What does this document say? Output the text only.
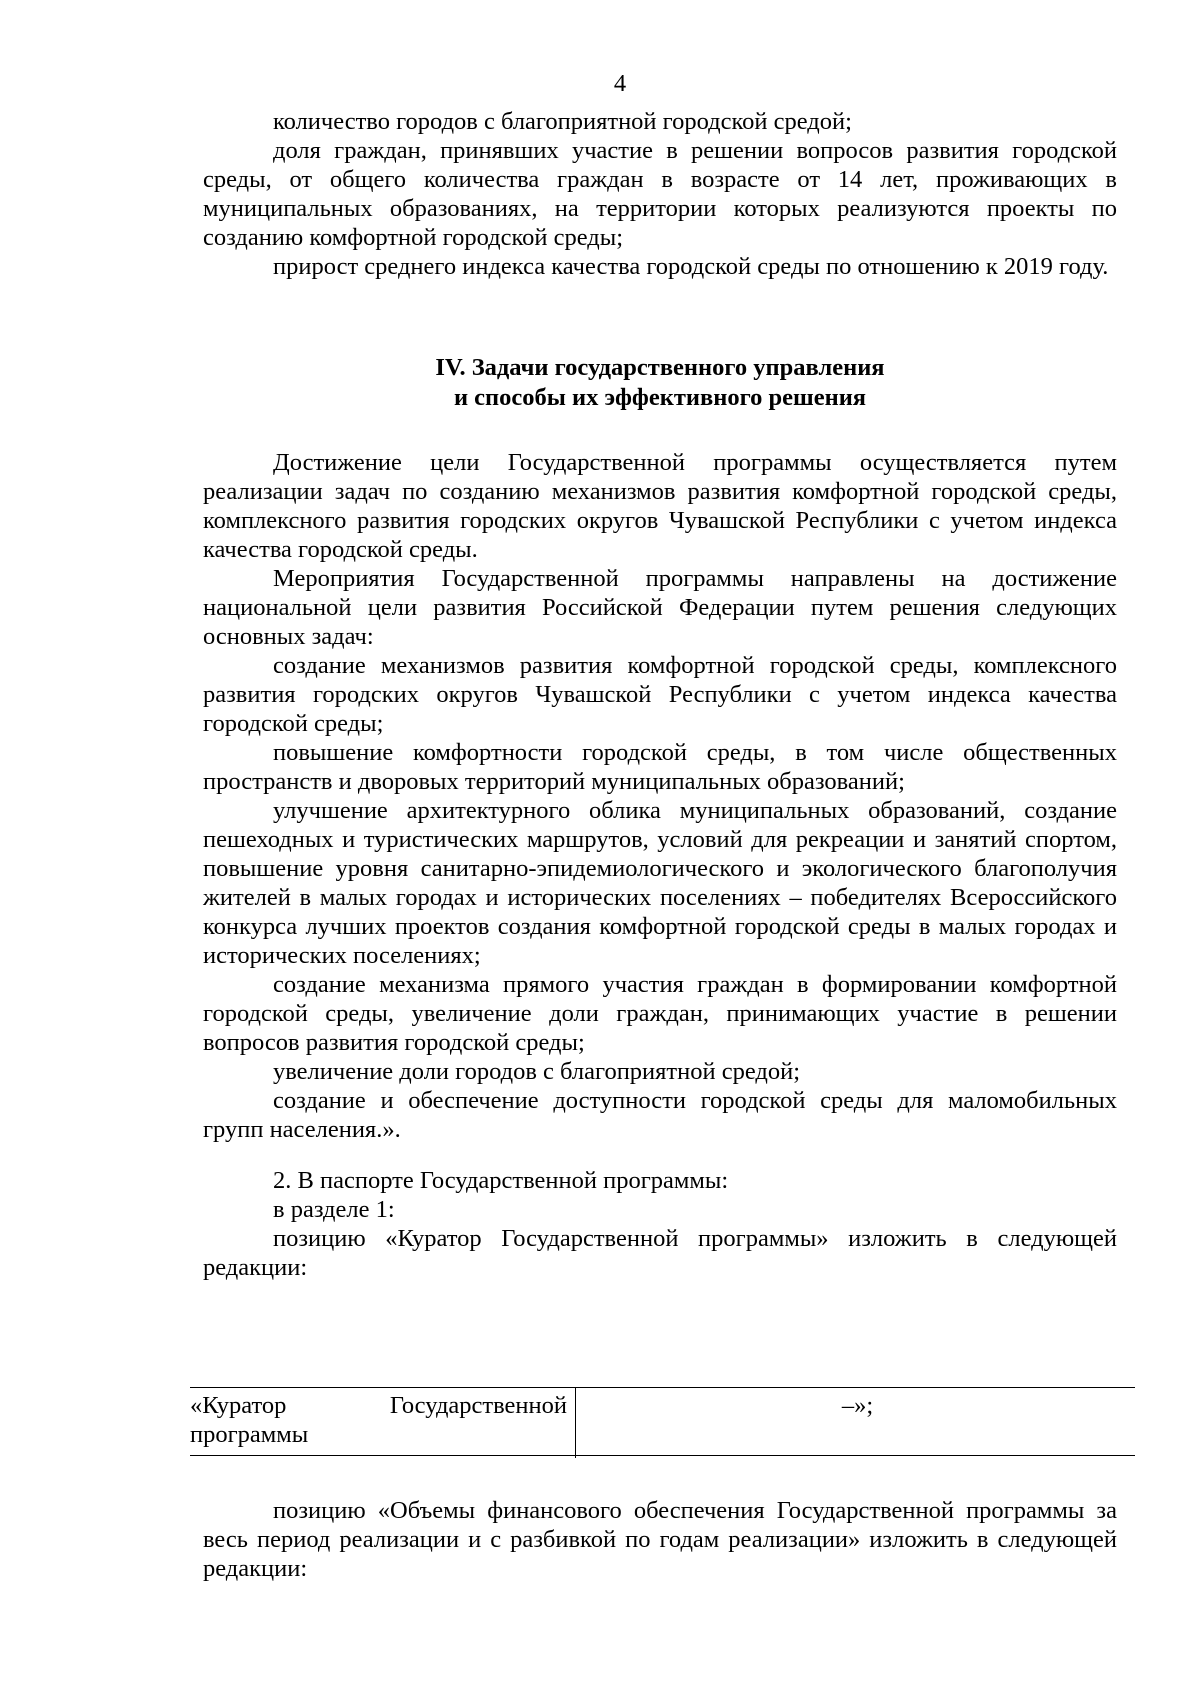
4

количество городов с благоприятной городской средой;

доля граждан, принявших участие в решении вопросов развития городской среды, от общего количества граждан в возрасте от 14 лет, проживающих в муниципальных образованиях, на территории которых реализуются проекты по созданию комфортной городской среды;

прирост среднего индекса качества городской среды по отношению к 2019 году.

IV. Задачи государственного управления
и способы их эффективного решения

Достижение цели Государственной программы осуществляется путем реализации задач по созданию механизмов развития комфортной городской среды, комплексного развития городских округов Чувашской Республики с учетом индекса качества городской среды.

Мероприятия Государственной программы направлены на достижение национальной цели развития Российской Федерации путем решения следующих основных задач:

создание механизмов развития комфортной городской среды, комплексного развития городских округов Чувашской Республики с учетом индекса качества городской среды;

повышение комфортности городской среды, в том числе общественных пространств и дворовых территорий муниципальных образований;

улучшение архитектурного облика муниципальных образований, создание пешеходных и туристических маршрутов, условий для рекреации и занятий спортом, повышение уровня санитарно-эпидемиологического и экологического благополучия жителей в малых городах и исторических поселениях – победителях Всероссийского конкурса лучших проектов создания комфортной городской среды в малых городах и исторических поселениях;

создание механизма прямого участия граждан в формировании комфортной городской среды, увеличение доли граждан, принимающих участие в решении вопросов развития городской среды;

увеличение доли городов с благоприятной средой;

создание и обеспечение доступности городской среды для маломобильных групп населения.».

2. В паспорте Государственной программы:

в разделе 1:

позицию «Куратор Государственной программы» изложить в следующей редакции:

«Куратор	Государственной
программы
–»;

позицию «Объемы финансового обеспечения Государственной программы за весь период реализации и с разбивкой по годам реализации» изложить в следующей редакции:
